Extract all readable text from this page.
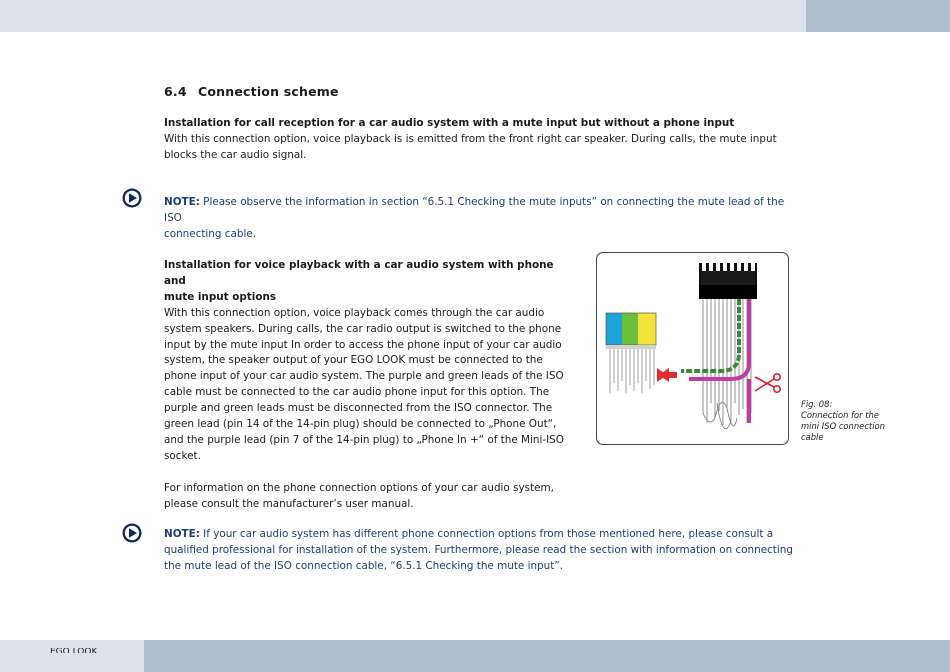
6.4 Connection scheme
Installation for call reception for a car audio system with a mute input but without a phone input
With this connection option, voice playback is is emitted from the front right car speaker. During calls, the mute input
blocks the car audio signal.
NOTE: Please observe the information in section “6.5.1 Checking the mute inputs” on connecting the mute lead of the ISO
connecting cable.
Installation for voice playback with a car audio system with phone and
mute input options
With this connection option, voice playback comes through the car audio
system speakers. During calls, the car radio output is switched to the phone
input by the mute input In order to access the phone input of your car audio
system, the speaker output of your EGO LOOK must be connected to the
phone input of your car audio system. The purple and green leads of the ISO
cable must be connected to the car audio phone input for this option. The
purple and green leads must be disconnected from the ISO connector. The
green lead (pin 14 of the 14-pin plug) should be connected to „Phone Out“,
and the purple lead (pin 7 of the 14-pin plug) to „Phone In +“ of the Mini-ISO
socket.
For information on the phone connection options of your car audio system,
please consult the manufacturer’s user manual.
Fig. 08:
Connection for the
mini ISO connection
cable
NOTE: If your car audio system has different phone connection options from those mentioned here, please consult a
qualified professional for installation of the system. Furthermore, please read the section with information on connecting
the mute lead of the ISO connection cable, “6.5.1 Checking the mute input”.
EGO LOOK
